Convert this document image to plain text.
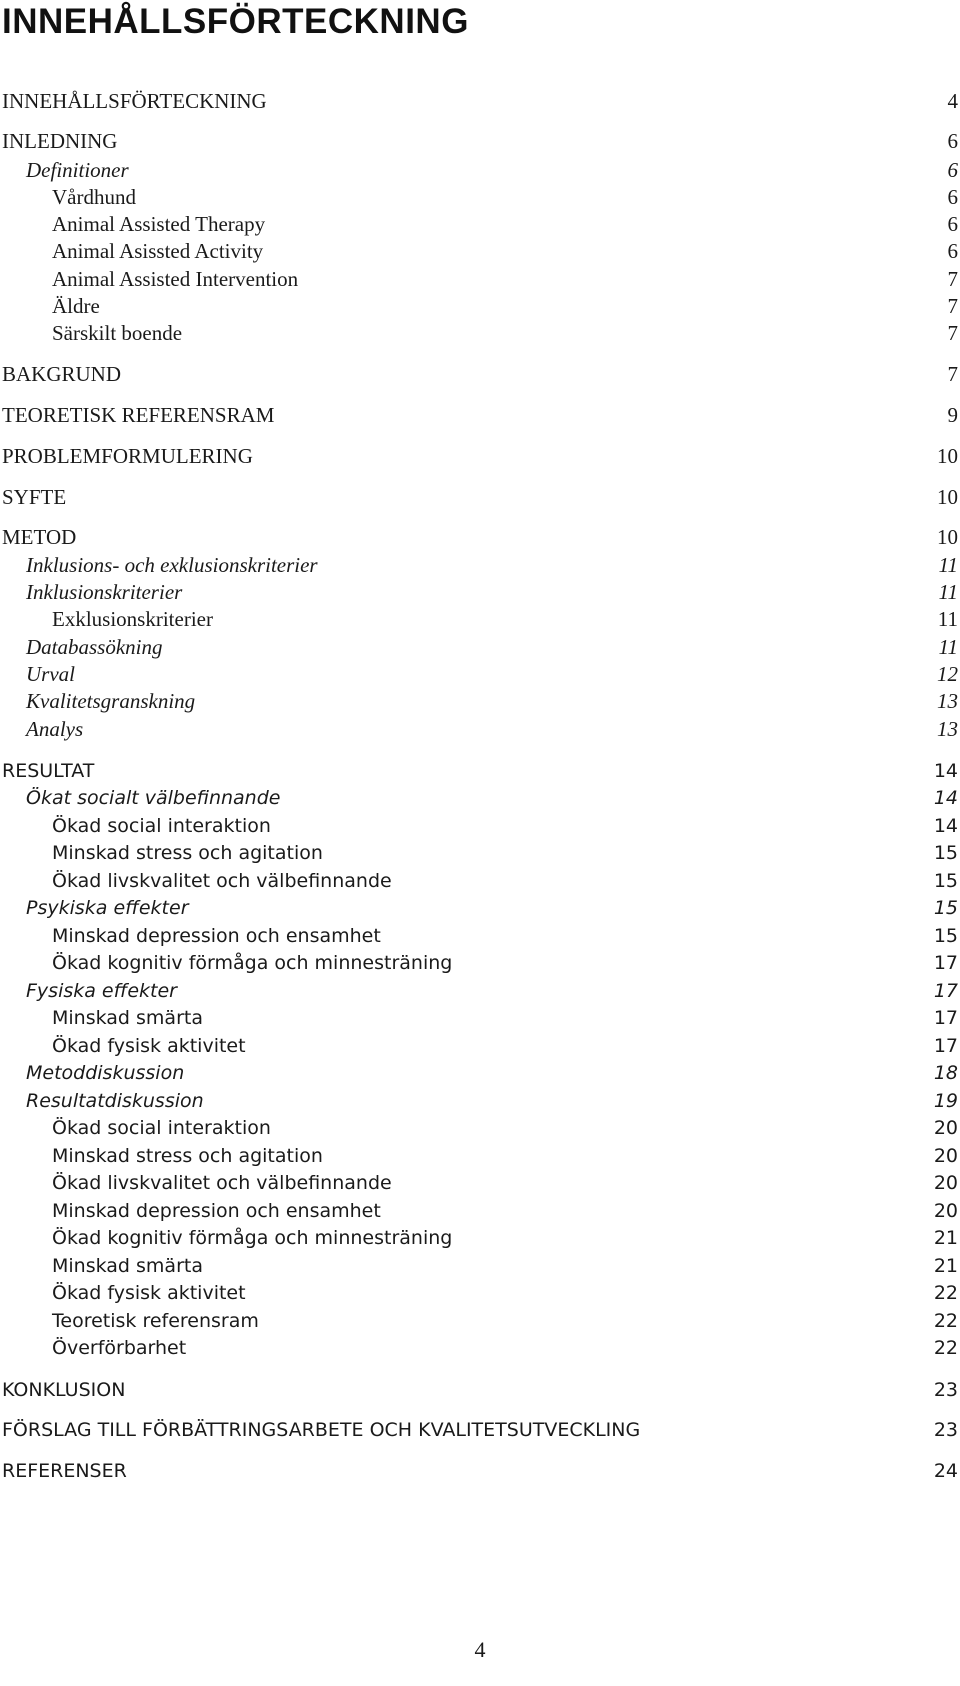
INNEHÅLLSFÖRTECKNING
INNEHÅLLSFÖRTECKNING	4
INLEDNING	6
Definitioner	6
Vårdhund	6
Animal Assisted Therapy	6
Animal Asissted Activity	6
Animal Assisted Intervention	7
Äldre	7
Särskilt boende	7
BAKGRUND	7
TEORETISK REFERENSRAM	9
PROBLEMFORMULERING	10
SYFTE	10
METOD	10
Inklusions- och exklusionskriterier	11
Inklusionskriterier	11
Exklusionskriterier	11
Databassökning	11
Urval	12
Kvalitetsgranskning	13
Analys	13
RESULTAT	14
Ökat socialt välbefinnande	14
Ökad social interaktion	14
Minskad stress och agitation	15
Ökad livskvalitet och välbefinnande	15
Psykiska effekter	15
Minskad depression och ensamhet	15
Ökad kognitiv förmåga och minnesträning	17
Fysiska effekter	17
Minskad smärta	17
Ökad fysisk aktivitet	17
Metoddiskussion	18
Resultatdiskussion	19
Ökad social interaktion	20
Minskad stress och agitation	20
Ökad livskvalitet och välbefinnande	20
Minskad depression och ensamhet	20
Ökad kognitiv förmåga och minnesträning	21
Minskad smärta	21
Ökad fysisk aktivitet	22
Teoretisk referensram	22
Överförbarhet	22
KONKLUSION	23
FÖRSLAG TILL FÖRBÄTTRINGSARBETE OCH KVALITETSUTVECKLING	23
REFERENSER	24
4
